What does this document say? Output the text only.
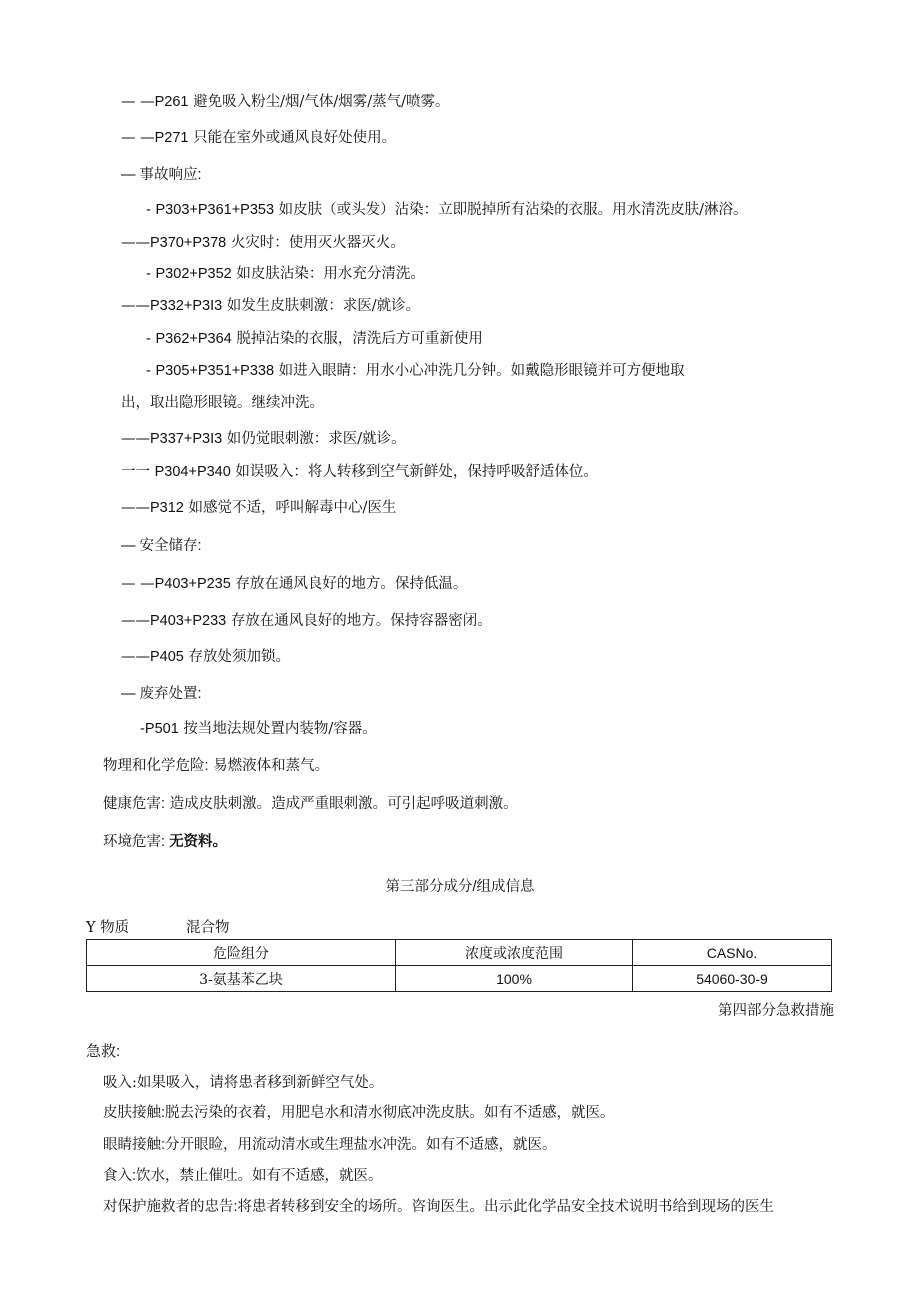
— —P261 避免吸入粉尘/烟/气体/烟雾/蒸气/喷雾。
— —P271 只能在室外或通风良好处使用。
— 事故响应:
- P303+P361+P353 如皮肤（或头发）沾染：立即脱掉所有沾染的衣服。用水清洗皮肤/淋浴。
——P370+P378 火灾时：使用灭火器灭火。
- P302+P352 如皮肤沾染：用水充分清洗。
——P332+P3I3 如发生皮肤刺激：求医/就诊。
- P362+P364 脱掉沾染的衣服，清洗后方可重新使用
- P305+P351+P338 如进入眼睛：用水小心冲洗几分钟。如戴隐形眼镜并可方便地取
出，取出隐形眼镜。继续冲洗。
——P337+P3I3 如仍觉眼刺激：求医/就诊。
一一 P304+P340 如误吸入：将人转移到空气新鲜处，保持呼吸舒适体位。
——P312 如感觉不适，呼叫解毒中心/医生
— 安全储存:
— —P403+P235 存放在通风良好的地方。保持低温。
——P403+P233 存放在通风良好的地方。保持容器密闭。
——P405 存放处须加锁。
— 废弃处置:
-P501 按当地法规处置内装物/容器。
物理和化学危险: 易燃液体和蒸气。
健康危害: 造成皮肤刺激。造成严重眼刺激。可引起呼吸道刺激。
环境危害: 无资料。
第三部分成分/组成信息
Y 物质	混合物
危险组分	浓度或浓度范围	CASNo.
3-氨基苯乙块	100%	54060-30-9
第四部分急救措施
急救:
吸入:如果吸入，请将患者移到新鲜空气处。
皮肤接触:脱去污染的衣着，用肥皂水和清水彻底冲洗皮肤。如有不适感，就医。
眼睛接触:分开眼睑，用流动清水或生理盐水冲洗。如有不适感，就医。
食入:饮水，禁止催吐。如有不适感，就医。
对保护施救者的忠告:将患者转移到安全的场所。咨询医生。出示此化学品安全技术说明书给到现场的医生
